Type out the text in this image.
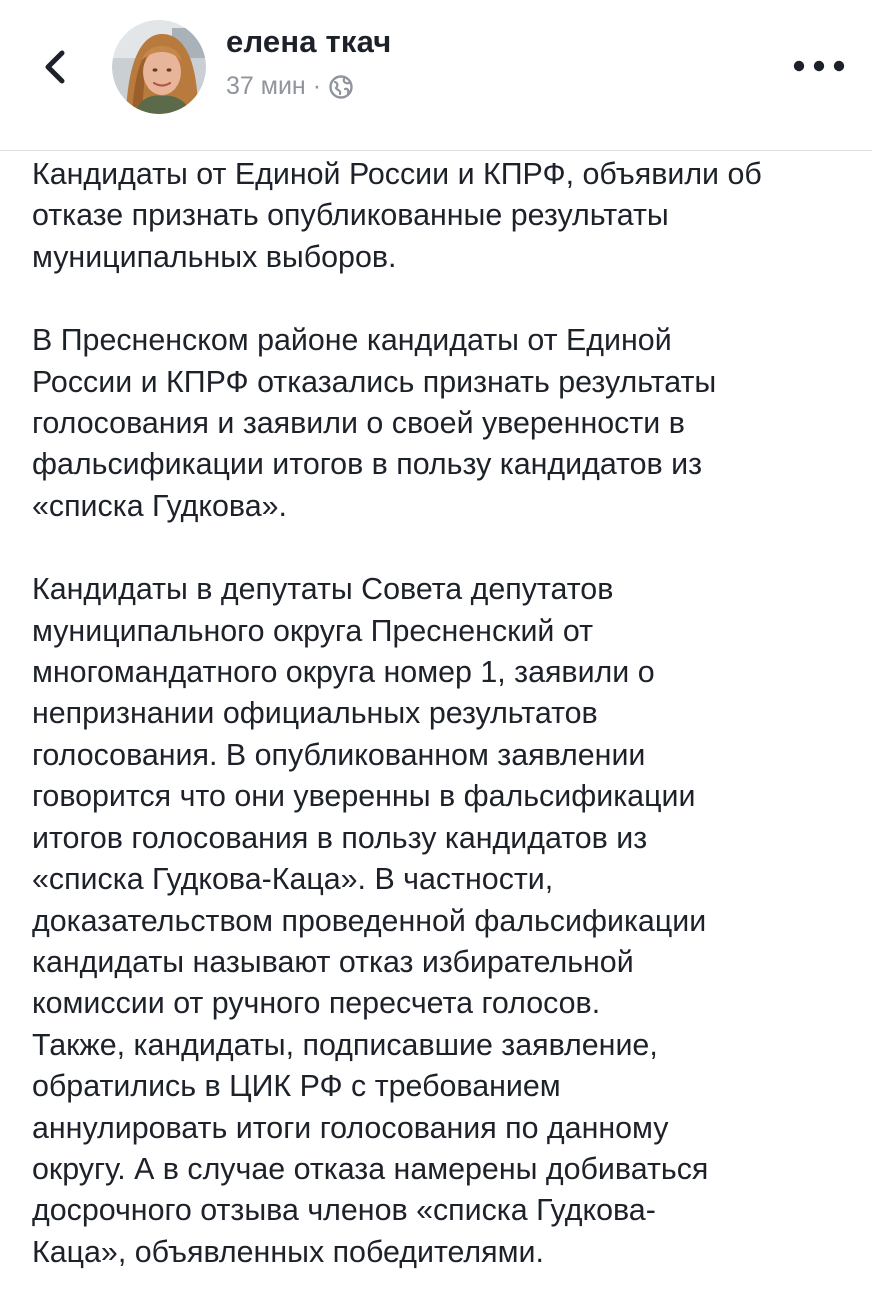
елена ткач
37 мин ·

Кандидаты от Единой России и КПРФ, объявили об
отказе признать опубликованные результаты
муниципальных выборов.

В Пресненском районе кандидаты от Единой
России и КПРФ отказались признать результаты
голосования и заявили о своей уверенности в
фальсификации итогов в пользу кандидатов из
«списка Гудкова».

Кандидаты в депутаты Совета депутатов
муниципального округа Пресненский от
многомандатного округа номер 1, заявили о
непризнании официальных результатов
голосования. В опубликованном заявлении
говорится что они уверенны в фальсификации
итогов голосования в пользу кандидатов из
«списка Гудкова-Каца». В частности,
доказательством проведенной фальсификации
кандидаты называют отказ избирательной
комиссии от ручного пересчета голосов.
Также, кандидаты, подписавшие заявление,
обратились в ЦИК РФ с требованием
аннулировать итоги голосования по данному
округу. А в случае отказа намерены добиваться
досрочного отзыва членов «списка Гудкова-
Каца», объявленных победителями.
